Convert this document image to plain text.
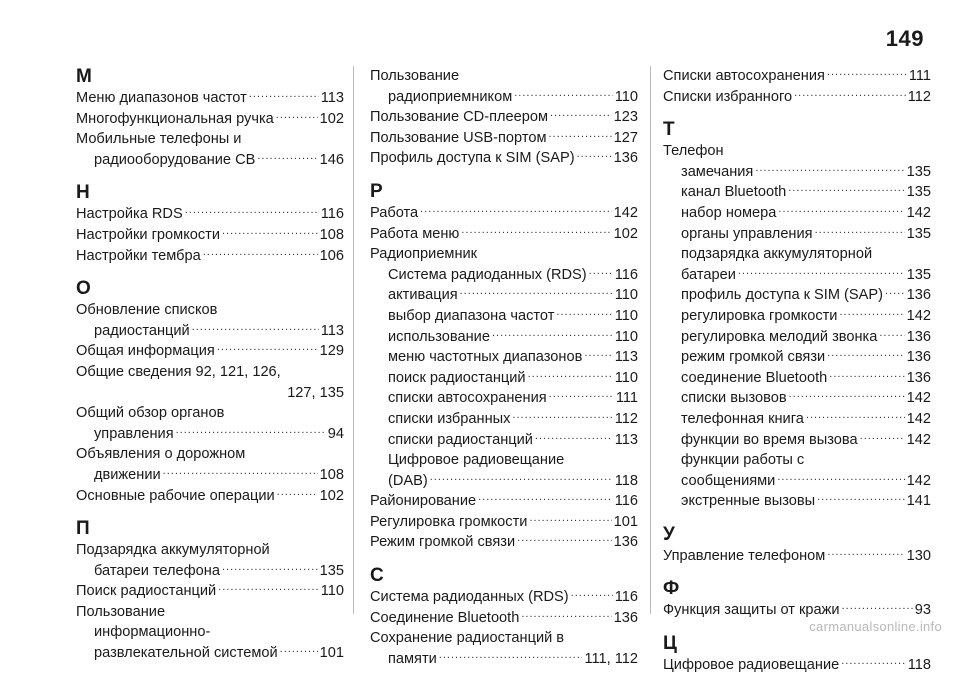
149
М
Меню диапазонов частот .....	113
Многофункциональная ручка .....	102
Мобильные телефоны и
радиооборудование CB .....	146
Н
Настройка RDS .....	116
Настройки громкости .....	108
Настройки тембра .....	106
О
Обновление списков
радиостанций .....	113
Общая информация .....	129
Общие сведения 92, 121, 126,
127, 135
Общий обзор органов
управления .....	94
Объявления о дорожном
движении .....	108
Основные рабочие операции .....	102
П
Подзарядка аккумуляторной
батареи телефона .....	135
Поиск радиостанций .....	110
Пользование
информационно-
развлекательной системой .....	101
Пользование
радиоприемником .....	110
Пользование CD-плеером .....	123
Пользование USB-портом .....	127
Профиль доступа к SIM (SAP) .....	136
Р
Работа .....	142
Работа меню .....	102
Радиоприемник
Система радиоданных (RDS) ..... 116
активация .....	110
выбор диапазона частот .....	110
использование .....	110
меню частотных диапазонов ..... 113
поиск радиостанций .....	110
списки автосохранения .....	111
списки избранных .....	112
списки радиостанций .....	113
Цифровое радиовещание
(DAB) .....	118
Районирование .....	116
Регулировка громкости .....	101
Режим громкой связи .....	136
С
Система радиоданных (RDS) .....	116
Соединение Bluetooth .....	136
Сохранение радиостанций в
памяти .....	111, 112
Списки автосохранения .....	111
Списки избранного .....	112
Т
Телефон
замечания .....	135
канал Bluetooth .....	135
набор номера .....	142
органы управления .....	135
подзарядка аккумуляторной
батареи .....	135
профиль доступа к SIM (SAP) ..... 136
регулировка громкости .....	142
регулировка мелодий звонка ..... 136
режим громкой связи .....	136
соединение Bluetooth .....	136
списки вызовов .....	142
телефонная книга .....	142
функции во время вызова .....	142
функции работы с
сообщениями .....	142
экстренные вызовы .....	141
У
Управление телефоном .....	130
Ф
Функция защиты от кражи .....	93
Ц
Цифровое радиовещание .....	118
carmanualsonline.info
